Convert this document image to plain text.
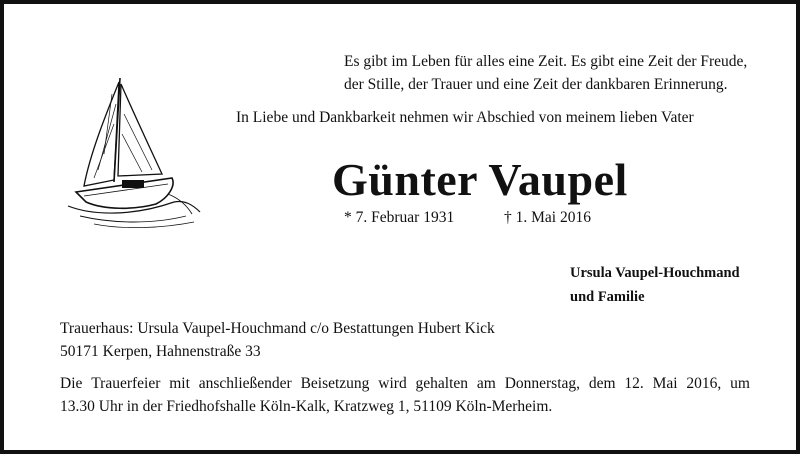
Es gibt im Leben für alles eine Zeit. Es gibt eine Zeit der Freude,
der Stille, der Trauer und eine Zeit der dankbaren Erinnerung.
In Liebe und Dankbarkeit nehmen wir Abschied von meinem lieben Vater
Günter Vaupel
* 7. Februar 1931	† 1. Mai 2016
Ursula Vaupel-Houchmand
und Familie
Trauerhaus: Ursula Vaupel-Houchmand c/o Bestattungen Hubert Kick
50171 Kerpen, Hahnenstraße 33
Die Trauerfeier mit anschließender Beisetzung wird gehalten am Donnerstag, dem 12. Mai 2016, um
13.30 Uhr in der Friedhofshalle Köln-Kalk, Kratzweg 1, 51109 Köln-Merheim.
